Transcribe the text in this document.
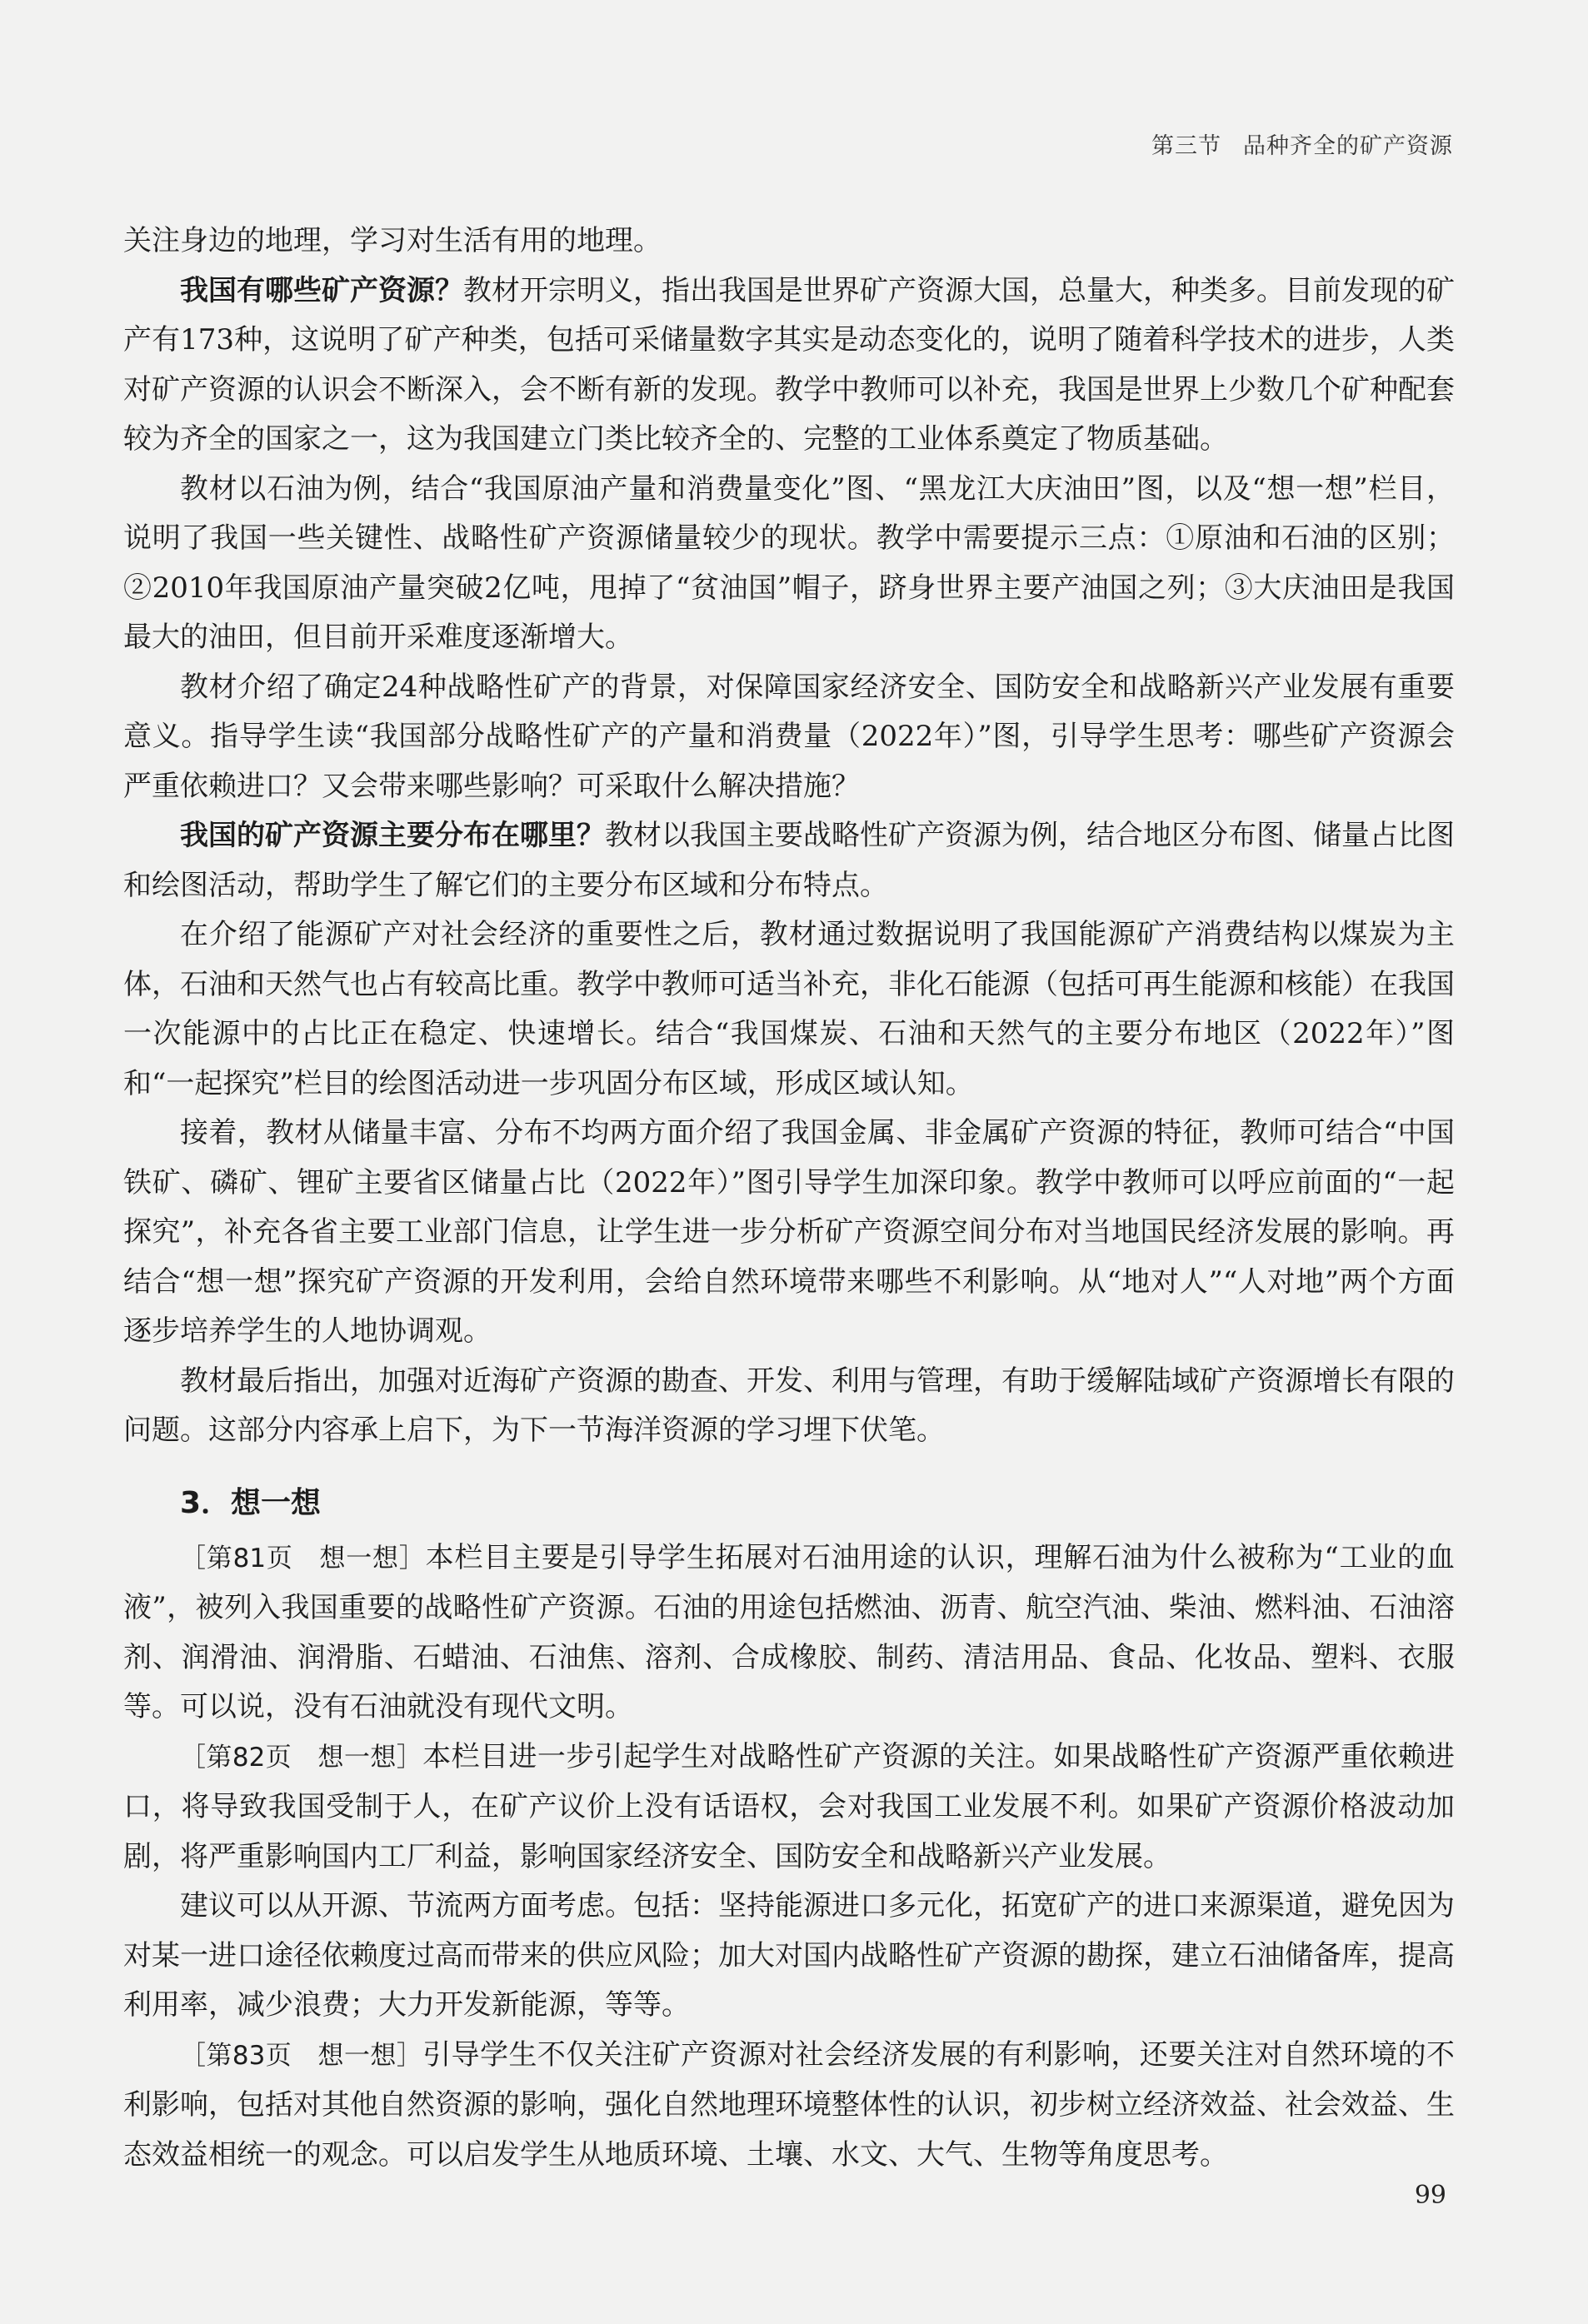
第三节 品种齐全的矿产资源

关注身边的地理，学习对生活有用的地理。

我国有哪些矿产资源？教材开宗明义，指出我国是世界矿产资源大国，总量大，种类多。目前发现的矿产有173种，这说明了矿产种类，包括可采储量数字其实是动态变化的，说明了随着科学技术的进步，人类对矿产资源的认识会不断深入，会不断有新的发现。教学中教师可以补充，我国是世界上少数几个矿种配套较为齐全的国家之一，这为我国建立门类比较齐全的、完整的工业体系奠定了物质基础。

教材以石油为例，结合“我国原油产量和消费量变化”图、“黑龙江大庆油田”图，以及“想一想”栏目，说明了我国一些关键性、战略性矿产资源储量较少的现状。教学中需要提示三点：①原油和石油的区别；②2010年我国原油产量突破2亿吨，甩掉了“贫油国”帽子，跻身世界主要产油国之列；③大庆油田是我国最大的油田，但目前开采难度逐渐增大。

教材介绍了确定24种战略性矿产的背景，对保障国家经济安全、国防安全和战略新兴产业发展有重要意义。指导学生读“我国部分战略性矿产的产量和消费量（2022年）”图，引导学生思考：哪些矿产资源会严重依赖进口？又会带来哪些影响？可采取什么解决措施？

我国的矿产资源主要分布在哪里？教材以我国主要战略性矿产资源为例，结合地区分布图、储量占比图和绘图活动，帮助学生了解它们的主要分布区域和分布特点。

在介绍了能源矿产对社会经济的重要性之后，教材通过数据说明了我国能源矿产消费结构以煤炭为主体，石油和天然气也占有较高比重。教学中教师可适当补充，非化石能源（包括可再生能源和核能）在我国一次能源中的占比正在稳定、快速增长。结合“我国煤炭、石油和天然气的主要分布地区（2022年）”图和“一起探究”栏目的绘图活动进一步巩固分布区域，形成区域认知。

接着，教材从储量丰富、分布不均两方面介绍了我国金属、非金属矿产资源的特征，教师可结合“中国铁矿、磷矿、锂矿主要省区储量占比（2022年）”图引导学生加深印象。教学中教师可以呼应前面的“一起探究”，补充各省主要工业部门信息，让学生进一步分析矿产资源空间分布对当地国民经济发展的影响。再结合“想一想”探究矿产资源的开发利用，会给自然环境带来哪些不利影响。从“地对人”“人对地”两个方面逐步培养学生的人地协调观。

教材最后指出，加强对近海矿产资源的勘查、开发、利用与管理，有助于缓解陆域矿产资源增长有限的问题。这部分内容承上启下，为下一节海洋资源的学习埋下伏笔。

3．想一想

［第81页　想一想］本栏目主要是引导学生拓展对石油用途的认识，理解石油为什么被称为“工业的血液”，被列入我国重要的战略性矿产资源。石油的用途包括燃油、沥青、航空汽油、柴油、燃料油、石油溶剂、润滑油、润滑脂、石蜡油、石油焦、溶剂、合成橡胶、制药、清洁用品、食品、化妆品、塑料、衣服等。可以说，没有石油就没有现代文明。

［第82页　想一想］本栏目进一步引起学生对战略性矿产资源的关注。如果战略性矿产资源严重依赖进口，将导致我国受制于人，在矿产议价上没有话语权，会对我国工业发展不利。如果矿产资源价格波动加剧，将严重影响国内工厂利益，影响国家经济安全、国防安全和战略新兴产业发展。

建议可以从开源、节流两方面考虑。包括：坚持能源进口多元化，拓宽矿产的进口来源渠道，避免因为对某一进口途径依赖度过高而带来的供应风险；加大对国内战略性矿产资源的勘探，建立石油储备库，提高利用率，减少浪费；大力开发新能源，等等。

［第83页　想一想］引导学生不仅关注矿产资源对社会经济发展的有利影响，还要关注对自然环境的不利影响，包括对其他自然资源的影响，强化自然地理环境整体性的认识，初步树立经济效益、社会效益、生态效益相统一的观念。可以启发学生从地质环境、土壤、水文、大气、生物等角度思考。

99
